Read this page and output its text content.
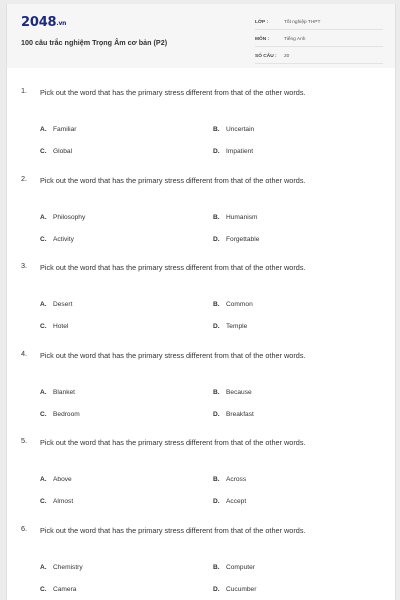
2048.vn
100 câu trắc nghiệm Trọng Âm cơ bản (P2)
LỚP :	Tốt nghiệp THPT
MÔN :	Tiếng Anh
SỐ CÂU :	20
1. Pick out the word that has the primary stress different from that of the other words.
A. Familiar	B. Uncertain
C. Global	D. Impatient
2. Pick out the word that has the primary stress different from that of the other words.
A. Philosophy	B. Humanism
C. Activity	D. Forgettable
3. Pick out the word that has the primary stress different from that of the other words.
A. Desert	B. Common
C. Hotel	D. Temple
4. Pick out the word that has the primary stress different from that of the other words.
A. Blanket	B. Because
C. Bedroom	D. Breakfast
5. Pick out the word that has the primary stress different from that of the other words.
A. Above	B. Across
C. Almost	D. Accept
6. Pick out the word that has the primary stress different from that of the other words.
A. Chemistry	B. Computer
C. Camera	D. Cucumber
